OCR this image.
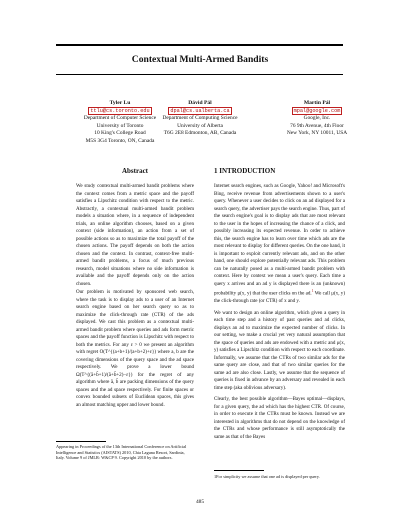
Contextual Multi-Armed Bandits
Tyler Lu
ttlu@cs.toronto.edu
Department of Computer Science
University of Toronto
10 King's College Road
M5S 3G4 Toronto, ON, Canada
Dávid Pál
dpal@cs.ualberta.ca
Department of Computing Science
University of Alberta
T6G 2E8 Edmonton, AB, Canada
Martin Pál
mpal@google.com
Google, Inc.
76 9th Avenue, 4th Floor
New York, NY 10011, USA
Abstract	1 INTRODUCTION

We study contextual multi-armed bandit problems where the context comes from a metric space and the payoff satisfies a Lipschitz condition with respect to the metric. Abstractly, a contextual multi-armed bandit problem models a situation where, in a sequence of independent trials, an online algorithm chooses, based on a given context (side information), an action from a set of possible actions so as to maximize the total payoff of the chosen actions. The payoff depends on both the action chosen and the context. In contrast, context-free multi-armed bandit problems, a focus of much previous research, model situations where no side information is available and the payoff depends only on the action chosen.

Our problem is motivated by sponsored web search, where the task is to display ads to a user of an Internet search engine based on her search query so as to maximize the click-through rate (CTR) of the ads displayed. We cast this problem as a contextual multi-armed bandit problem where queries and ads form metric spaces and the payoff function is Lipschitz with respect to both the metrics. For any ε > 0 we present an algorithm with regret O(T^{(a+b+1)/(a+b+2)+ε}) where a, b are the covering dimensions of the query space and the ad space respectively. We prove a lower bound Ω(T^{(ã+b̃+1)/(ã+b̃+2)−ε}) for the regret of any algorithm where ã, b̃ are packing dimensions of the query spaces and the ad space respectively. For finite spaces or convex bounded subsets of Euclidean spaces, this gives an almost matching upper and lower bound.

Internet search engines, such as Google, Yahoo! and Microsoft's Bing, receive revenue from advertisements shown to a user's query. Whenever a user decides to click on an ad displayed for a search query, the advertiser pays the search engine. Thus, part of the search engine's goal is to display ads that are most relevant to the user in the hopes of increasing the chance of a click, and possibly increasing its expected revenue. In order to achieve this, the search engine has to learn over time which ads are the most relevant to display for different queries. On the one hand, it is important to exploit currently relevant ads, and on the other hand, one should explore potentially relevant ads. This problem can be naturally posed as a multi-armed bandit problem with context. Here by context we mean a user's query. Each time a query x arrives and an ad y is displayed there is an (unknown) probability μ(x, y) that the user clicks on the ad.$^1$ We call μ(x, y) the click-through rate (or CTR) of x and y.

We want to design an online algorithm, which given a query in each time step and a history of past queries and ad clicks, displays an ad to maximize the expected number of clicks. In our setting, we make a crucial yet very natural assumption that the space of queries and ads are endowed with a metric and μ(x, y) satisfies a Lipschitz condition with respect to each coordinate. Informally, we assume that the CTRs of two similar ads for the same query are close, and that of two similar queries for the same ad are also close. Lastly, we assume that the sequence of queries is fixed in advance by an adversary and revealed in each time step (aka oblivious adversary).

Clearly, the best possible algorithm—Bayes optimal—displays, for a given query, the ad which has the highest CTR. Of course, in order to execute it the CTRs must be known. Instead we are interested in algorithms that do not depend on the knowledge of the CTRs and whose performance is still asymptotically the same as that of the Bayes

Appearing in Proceedings of the 13th International Conference on Artificial Intelligence and Statistics (AISTATS) 2010, Chia Laguna Resort, Sardinia, Italy. Volume 9 of JMLR: W&CP 9. Copyright 2010 by the authors.
1For simplicity we assume that one ad is displayed per query.
485
